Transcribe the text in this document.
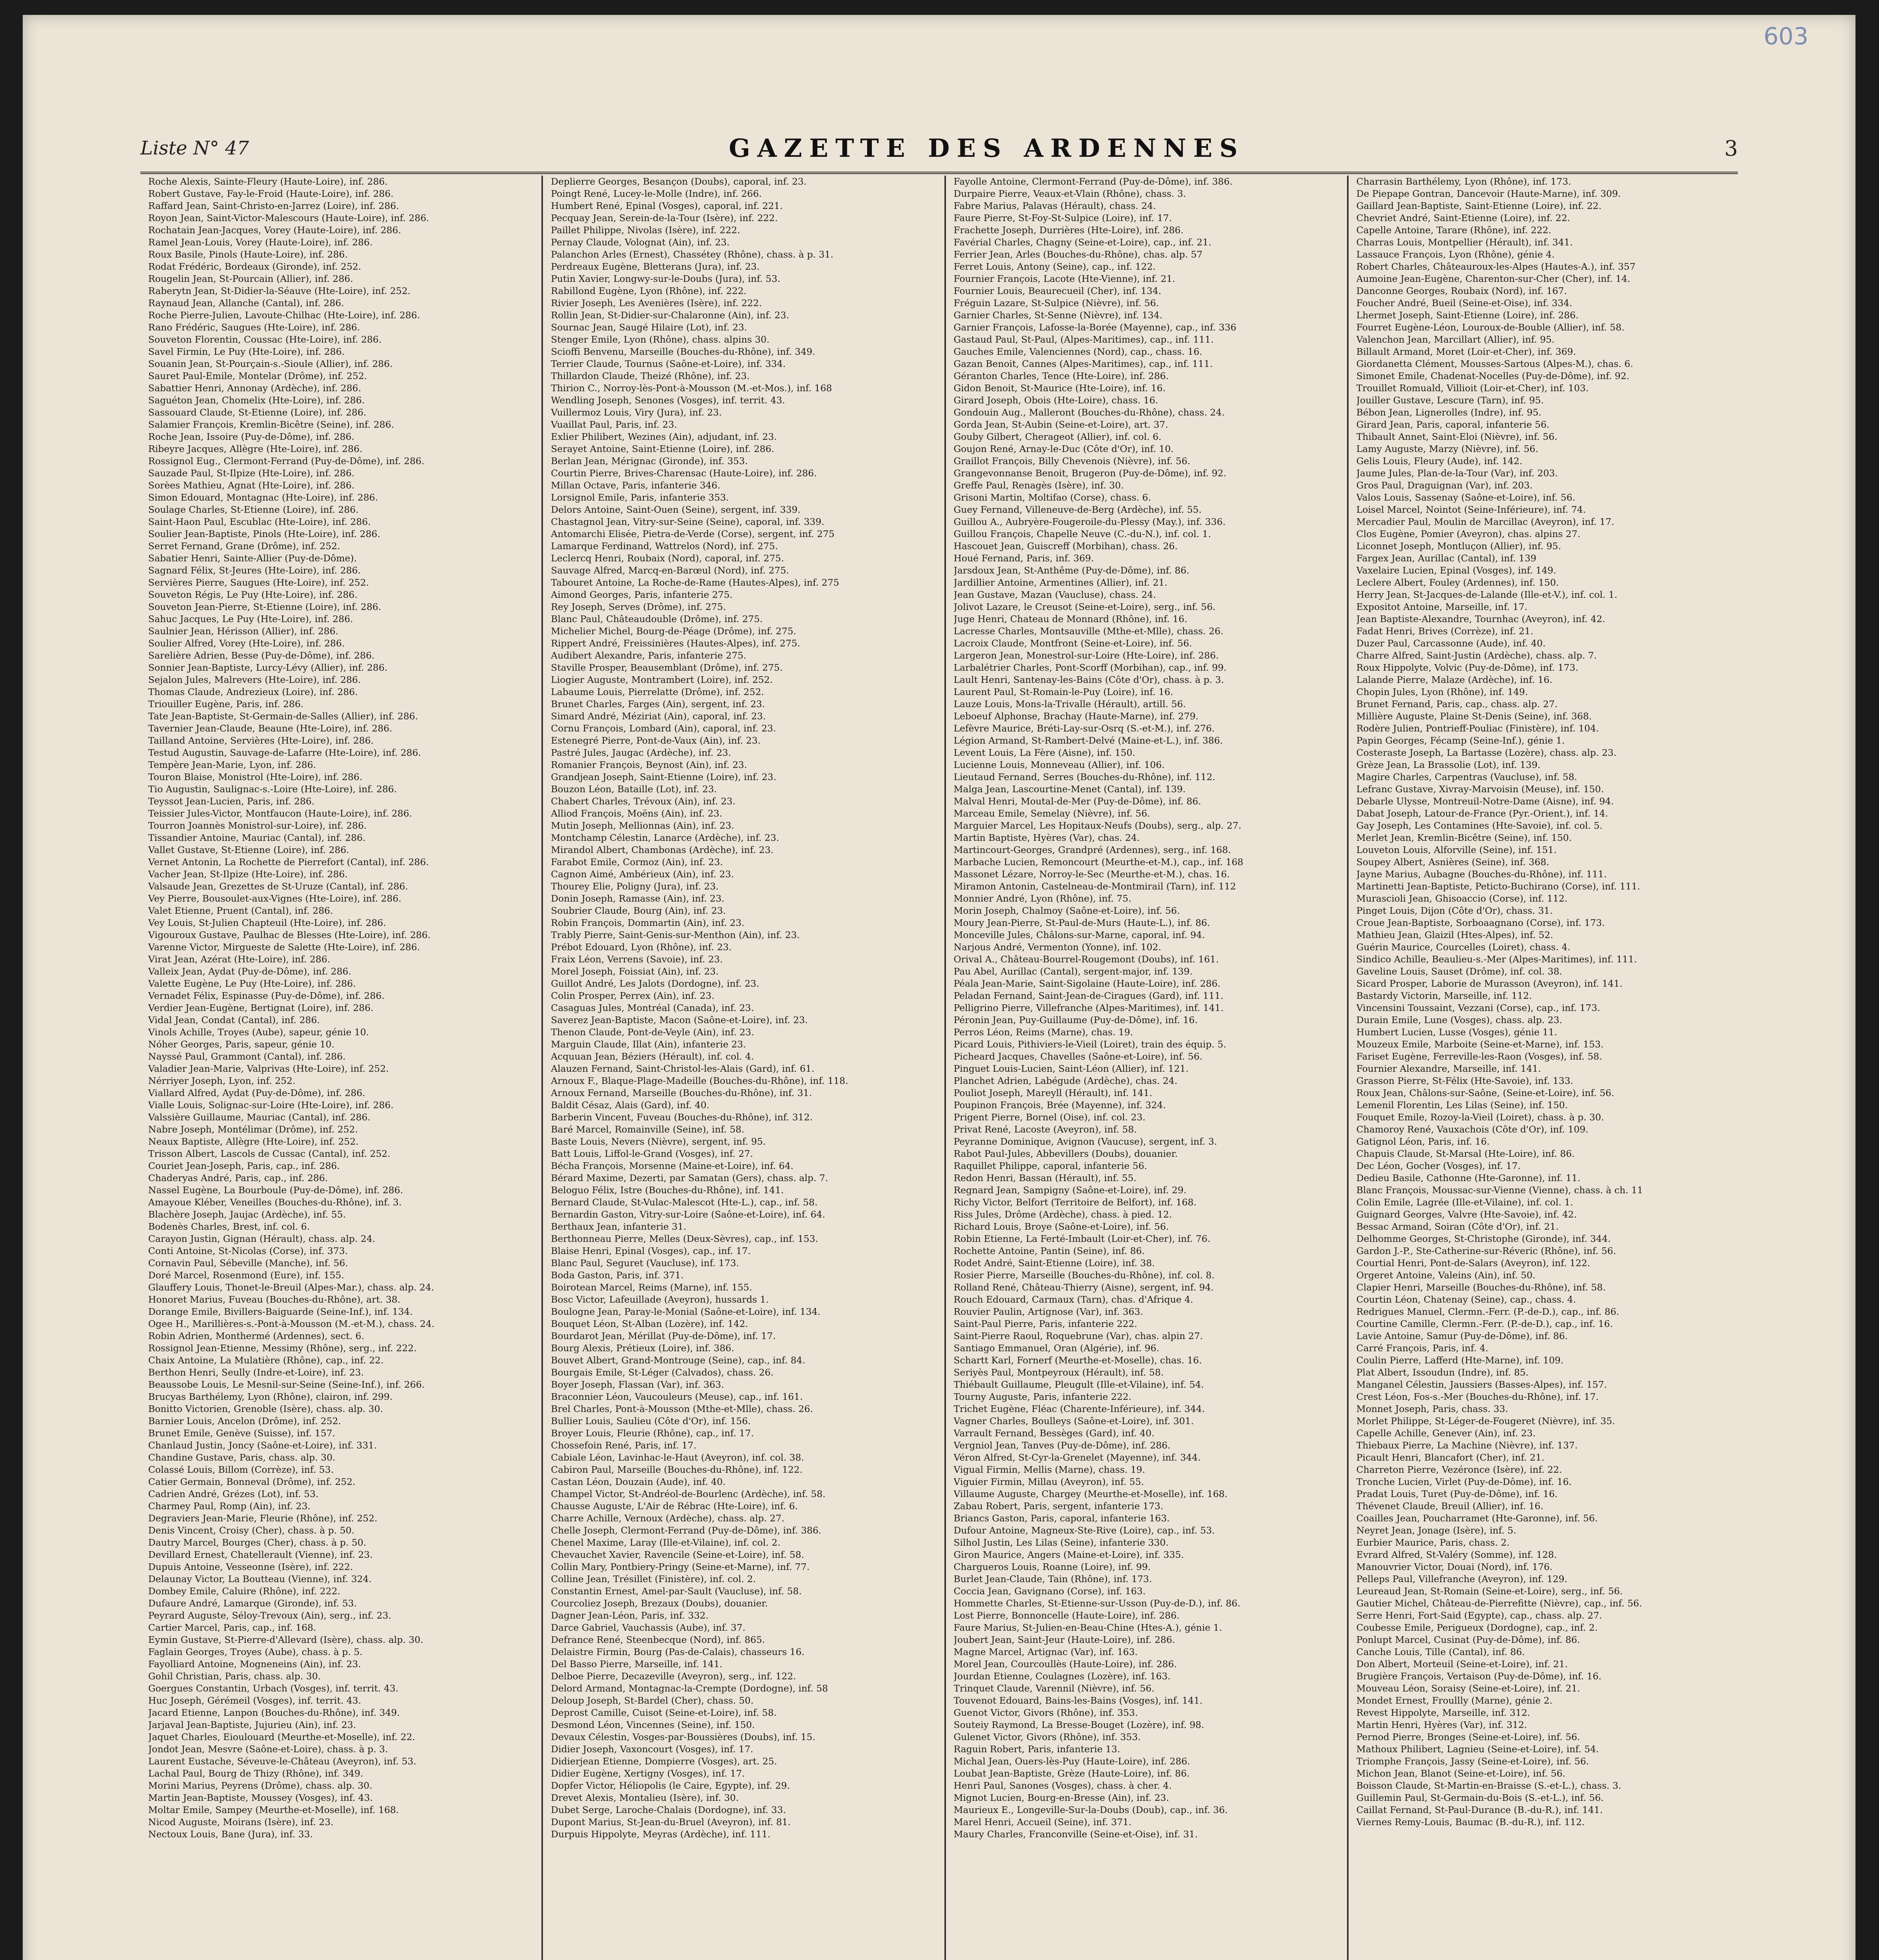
603
Liste N° 47	GAZETTE DES ARDENNES	3
Roche Alexis, Sainte-Fleury (Haute-Loire), inf. 286.
Robert Gustave, Fay-le-Froid (Haute-Loire), inf. 286.
Raffard Jean, Saint-Christo-en-Jarrez (Loire), inf. 286.
Royon Jean, Saint-Victor-Malescours (Haute-Loire), inf. 286.
Rochatain Jean-Jacques, Vorey (Haute-Loire), inf. 286.
Ramel Jean-Louis, Vorey (Haute-Loire), inf. 286.
Roux Basile, Pinols (Haute-Loire), inf. 286.
Rodat Frédéric, Bordeaux (Gironde), inf. 252.
Rougelin Jean, St-Pourcain (Allier), inf. 286.
Raberytn Jean, St-Didier-la-Séauve (Hte-Loire), inf. 252.
Raynaud Jean, Allanche (Cantal), inf. 286.
Roche Pierre-Julien, Lavoute-Chilhac (Hte-Loire), inf. 286.
Rano Frédéric, Saugues (Hte-Loire), inf. 286.
Souveton Florentin, Coussac (Hte-Loire), inf. 286.
Savel Firmin, Le Puy (Hte-Loire), inf. 286.
Souanin Jean, St-Pourçain-s.-Sioule (Allier), inf. 286.
Sauret Paul-Emile, Montelar (Drôme), inf. 252.
Sabattier Henri, Annonay (Ardèche), inf. 286.
Saguéton Jean, Chomelix (Hte-Loire), inf. 286.
Sassouard Claude, St-Etienne (Loire), inf. 286.
Salamier François, Kremlin-Bicêtre (Seine), inf. 286.
Roche Jean, Issoire (Puy-de-Dôme), inf. 286.
Ribeyre Jacques, Allègre (Hte-Loire), inf. 286.
Rossignol Eug., Clermont-Ferrand (Puy-de-Dôme), inf. 286.
Sauzade Paul, St-Ilpize (Hte-Loire), inf. 286.
Sorèes Mathieu, Agnat (Hte-Loire), inf. 286.
Simon Edouard, Montagnac (Hte-Loire), inf. 286.
Soulage Charles, St-Etienne (Loire), inf. 286.
Saint-Haon Paul, Escublac (Hte-Loire), inf. 286.
Soulier Jean-Baptiste, Pinols (Hte-Loire), inf. 286.
Serret Fernand, Grane (Drôme), inf. 252.
Sabatier Henri, Sainte-Allier (Puy-de-Dôme).
Sagnard Félix, St-Jeures (Hte-Loire), inf. 286.
Servières Pierre, Saugues (Hte-Loire), inf. 252.
Souveton Régis, Le Puy (Hte-Loire), inf. 286.
Souveton Jean-Pierre, St-Etienne (Loire), inf. 286.
Sahuc Jacques, Le Puy (Hte-Loire), inf. 286.
Saulnier Jean, Hérisson (Allier), inf. 286.
Soulier Alfred, Vorey (Hte-Loire), inf. 286.
Sarelière Adrien, Besse (Puy-de-Dôme), inf. 286.
Sonnier Jean-Baptiste, Lurcy-Lévy (Allier), inf. 286.
Sejalon Jules, Malrevers (Hte-Loire), inf. 286.
Thomas Claude, Andrezieux (Loire), inf. 286.
Triouiller Eugène, Paris, inf. 286.
Tate Jean-Baptiste, St-Germain-de-Salles (Allier), inf. 286.
Tavernier Jean-Claude, Beaune (Hte-Loire), inf. 286.
Tailland Antoine, Servières (Hte-Loire), inf. 286.
Testud Augustin, Sauvage-de-Lafarre (Hte-Loire), inf. 286.
Tempère Jean-Marie, Lyon, inf. 286.
Touron Blaise, Monistrol (Hte-Loire), inf. 286.
Tio Augustin, Saulignac-s.-Loire (Hte-Loire), inf. 286.
Teyssot Jean-Lucien, Paris, inf. 286.
Teissier Jules-Victor, Montfaucon (Haute-Loire), inf. 286.
Tourron Joannès Monistrol-sur-Loire), inf. 286.
Tissandier Antoine, Mauriac (Cantal), inf. 286.
Vallet Gustave, St-Etienne (Loire), inf. 286.
Vernet Antonin, La Rochette de Pierrefort (Cantal), inf. 286.
Vacher Jean, St-Ilpize (Hte-Loire), inf. 286.
Valsaude Jean, Grezettes de St-Uruze (Cantal), inf. 286.
Vey Pierre, Bousoulet-aux-Vignes (Hte-Loire), inf. 286.
Valet Etienne, Pruent (Cantal), inf. 286.
Vey Louis, St-Julien Chapteuil (Hte-Loire), inf. 286.
Vigouroux Gustave, Paulhac de Blesses (Hte-Loire), inf. 286.
Varenne Victor, Mirgueste de Salette (Hte-Loire), inf. 286.
Virat Jean, Azérat (Hte-Loire), inf. 286.
Valleix Jean, Aydat (Puy-de-Dôme), inf. 286.
Valette Eugène, Le Puy (Hte-Loire), inf. 286.
Vernadet Félix, Espinasse (Puy-de-Dôme), inf. 286.
Verdier Jean-Eugène, Bertignat (Loire), inf. 286.
Vidal Jean, Condat (Cantal), inf. 286.
Vinols Achille, Troyes (Aube), sapeur, génie 10.
Nóher Georges, Paris, sapeur, génie 10.
Nayssé Paul, Grammont (Cantal), inf. 286.
Valadier Jean-Marie, Valprivas (Hte-Loire), inf. 252.
Nérriyer Joseph, Lyon, inf. 252.
Viallard Alfred, Aydat (Puy-de-Dôme), inf. 286.
Vialle Louis, Solignac-sur-Loire (Hte-Loire), inf. 286.
Valssière Guillaume, Mauriac (Cantal), inf. 286.
Nabre Joseph, Montélimar (Drôme), inf. 252.
Neaux Baptiste, Allègre (Hte-Loire), inf. 252.
Trisson Albert, Lascols de Cussac (Cantal), inf. 252.
Couriet Jean-Joseph, Paris, cap., inf. 286.
Chaderyas André, Paris, cap., inf. 286.
Nassel Eugène, La Bourboule (Puy-de-Dôme), inf. 286.
Amayoue Kléber, Veneilles (Bouches-du-Rhône), inf. 3.
Blachère Joseph, Jaujac (Ardèche), inf. 55.
Bodenès Charles, Brest, inf. col. 6.
Carayon Justin, Gignan (Hérault), chass. alp. 24.
Conti Antoine, St-Nicolas (Corse), inf. 373.
Cornavin Paul, Sébeville (Manche), inf. 56.
Doré Marcel, Rosenmond (Eure), inf. 155.
Glauffery Louis, Thonet-le-Breuil (Alpes-Mar.), chass. alp. 24.
Honoret Marius, Fuveau (Bouches-du-Rhône), art. 38.
Dorange Emile, Bivillers-Baiguarde (Seine-Inf.), inf. 134.
Ogee H., Marillières-s.-Pont-à-Mousson (M.-et-M.), chass. 24.
Robin Adrien, Monthermé (Ardennes), sect. 6.
Rossignol Jean-Etienne, Messimy (Rhône), serg., inf. 222.
Chaix Antoine, La Mulatière (Rhône), cap., inf. 22.
Berthon Henri, Seully (Indre-et-Loire), inf. 23.
Beaussobe Louis, Le Mesnil-sur-Seine (Seine-Inf.), inf. 266.
Brucyas Barthélemy, Lyon (Rhône), clairon, inf. 299.
Bonitto Victorien, Grenoble (Isère), chass. alp. 30.
Barnier Louis, Ancelon (Drôme), inf. 252.
Brunet Emile, Genève (Suisse), inf. 157.
Chanlaud Justin, Joncy (Saône-et-Loire), inf. 331.
Chandine Gustave, Paris, chass. alp. 30.
Colassé Louis, Billom (Corrèze), inf. 53.
Catier Germain, Bonneval (Drôme), inf. 252.
Cadrien André, Grézes (Lot), inf. 53.
Charmey Paul, Romp (Ain), inf. 23.
Degraviers Jean-Marie, Fleurie (Rhône), inf. 252.
Denis Vincent, Croisy (Cher), chass. à p. 50.
Dautry Marcel, Bourges (Cher), chass. à p. 50.
Devillard Ernest, Chatellerault (Vienne), inf. 23.
Dupuis Antoine, Vesseonne (Isère), inf. 222.
Delaunay Victor, La Boutteau (Vienne), inf. 324.
Dombey Emile, Caluire (Rhône), inf. 222.
Dufaure André, Lamarque (Gironde), inf. 53.
Peyrard Auguste, Séloy-Trevoux (Ain), serg., inf. 23.
Cartier Marcel, Paris, cap., inf. 168.
Eymin Gustave, St-Pierre-d'Allevard (Isère), chass. alp. 30.
Faglain Georges, Troyes (Aube), chass. à p. 5.
Fayolliard Antoine, Mogneneins (Ain), inf. 23.
Gohil Christian, Paris, chass. alp. 30.
Goergues Constantin, Urbach (Vosges), inf. territ. 43.
Huc Joseph, Gérémeil (Vosges), inf. territ. 43.
Jacard Etienne, Lanpon (Bouches-du-Rhône), inf. 349.
Jarjaval Jean-Baptiste, Jujurieu (Ain), inf. 23.
Jaquet Charles, Eioulouard (Meurthe-et-Moselle), inf. 22.
Jondot Jean, Mesvre (Saône-et-Loire), chass. à p. 3.
Laurent Eustache, Séveuve-le-Château (Aveyron), inf. 53.
Lachal Paul, Bourg de Thizy (Rhône), inf. 349.
Morini Marius, Peyrens (Drôme), chass. alp. 30.
Martin Jean-Baptiste, Moussey (Vosges), inf. 43.
Moltar Emile, Sampey (Meurthe-et-Moselle), inf. 168.
Nicod Auguste, Moirans (Isère), inf. 23.
Nectoux Louis, Bane (Jura), inf. 33.
Deplierre Georges, Besançon (Doubs), caporal, inf. 23.
Poingt René, Lucey-le-Molle (Indre), inf. 266.
Humbert René, Epinal (Vosges), caporal, inf. 221.
Pecquay Jean, Serein-de-la-Tour (Isère), inf. 222.
Paillet Philippe, Nivolas (Isère), inf. 222.
Pernay Claude, Volognat (Ain), inf. 23.
Palanchon Arles (Ernest), Chassétey (Rhône), chass. à p. 31.
Perdreaux Eugène, Bletterans (Jura), inf. 23.
Putin Xavier, Longwy-sur-le-Doubs (Jura), inf. 53.
Rabillond Eugène, Lyon (Rhône), inf. 222.
Rivier Joseph, Les Avenières (Isère), inf. 222.
Rollin Jean, St-Didier-sur-Chalaronne (Ain), inf. 23.
Sournac Jean, Saugé Hilaire (Lot), inf. 23.
Stenger Emile, Lyon (Rhône), chass. alpins 30.
Scioffi Benvenu, Marseille (Bouches-du-Rhône), inf. 349.
Terrier Claude, Tournus (Saône-et-Loire), inf. 334.
Thillardon Claude, Theizé (Rhône), inf. 23.
Thirion C., Norroy-lès-Pont-à-Mousson (M.-et-Mos.), inf. 168
Wendling Joseph, Senones (Vosges), inf. territ. 43.
Vuillermoz Louis, Viry (Jura), inf. 23.
Vuaillat Paul, Paris, inf. 23.
Exlier Philibert, Wezines (Ain), adjudant, inf. 23.
Serayet Antoine, Saint-Etienne (Loire), inf. 286.
Berlan Jean, Mérignac (Gironde), inf. 353.
Courtin Pierre, Brives-Charensac (Haute-Loire), inf. 286.
Millan Octave, Paris, infanterie 346.
Lorsignol Emile, Paris, infanterie 353.
Delors Antoine, Saint-Ouen (Seine), sergent, inf. 339.
Chastagnol Jean, Vitry-sur-Seine (Seine), caporal, inf. 339.
Antomarchi Elisée, Pietra-de-Verde (Corse), sergent, inf. 275
Lamarque Ferdinand, Wattrelos (Nord), inf. 275.
Leclercq Henri, Roubaix (Nord), caporal, inf. 275.
Sauvage Alfred, Marcq-en-Barœul (Nord), inf. 275.
Tabouret Antoine, La Roche-de-Rame (Hautes-Alpes), inf. 275
Aimond Georges, Paris, infanterie 275.
Rey Joseph, Serves (Drôme), inf. 275.
Blanc Paul, Châteaudouble (Drôme), inf. 275.
Michelier Michel, Bourg-de-Péage (Drôme), inf. 275.
Rippert André, Freissinières (Hautes-Alpes), inf. 275.
Audibert Alexandre, Paris, infanterie 275.
Staville Prosper, Beausemblant (Drôme), inf. 275.
Liogier Auguste, Montrambert (Loire), inf. 252.
Labaume Louis, Pierrelatte (Drôme), inf. 252.
Brunet Charles, Farges (Ain), sergent, inf. 23.
Simard André, Méziriat (Ain), caporal, inf. 23.
Cornu François, Lombard (Ain), caporal, inf. 23.
Estenegré Pierre, Pont-de-Vaux (Ain), inf. 23.
Pastré Jules, Jaugac (Ardèche), inf. 23.
Romanier François, Beynost (Ain), inf. 23.
Grandjean Joseph, Saint-Etienne (Loire), inf. 23.
Bouzon Léon, Bataille (Lot), inf. 23.
Chabert Charles, Trévoux (Ain), inf. 23.
Alliod François, Moëns (Ain), inf. 23.
Mutin Joseph, Mellionnas (Ain), inf. 23.
Montchamp Célestin, Lanarce (Ardèche), inf. 23.
Mirandol Albert, Chambonas (Ardèche), inf. 23.
Farabot Emile, Cormoz (Ain), inf. 23.
Cagnon Aimé, Ambérieux (Ain), inf. 23.
Thourey Elie, Poligny (Jura), inf. 23.
Donin Joseph, Ramasse (Ain), inf. 23.
Soubrier Claude, Bourg (Ain), inf. 23.
Robin François, Dommartin (Ain), inf. 23.
Trably Pierre, Saint-Genis-sur-Menthon (Ain), inf. 23.
Prébot Edouard, Lyon (Rhône), inf. 23.
Fraix Léon, Verrens (Savoie), inf. 23.
Morel Joseph, Foissiat (Ain), inf. 23.
Guillot André, Les Jalots (Dordogne), inf. 23.
Colin Prosper, Perrex (Ain), inf. 23.
Casaguas Jules, Montréal (Canada), inf. 23.
Saverez Jean-Baptiste, Macon (Saône-et-Loire), inf. 23.
Thenon Claude, Pont-de-Veyle (Ain), inf. 23.
Marguin Claude, Illat (Ain), infanterie 23.
Acquuan Jean, Béziers (Hérault), inf. col. 4.
Alauzen Fernand, Saint-Christol-les-Alais (Gard), inf. 61.
Arnoux F., Blaque-Plage-Madeille (Bouches-du-Rhône), inf. 118.
Arnoux Fernand, Marseille (Bouches-du-Rhône), inf. 31.
Baldit Césaz, Alais (Gard), inf. 40.
Barberin Vincent, Fuveau (Bouches-du-Rhône), inf. 312.
Baré Marcel, Romainville (Seine), inf. 58.
Baste Louis, Nevers (Nièvre), sergent, inf. 95.
Batt Louis, Liffol-le-Grand (Vosges), inf. 27.
Bécha François, Morsenne (Maine-et-Loire), inf. 64.
Bérard Maxime, Dezerti, par Samatan (Gers), chass. alp. 7.
Beloguo Félix, Istre (Bouches-du-Rhône), inf. 141.
Bernard Claude, St-Vulac-Malescot (Hte-L.), cap., inf. 58.
Bernardin Gaston, Vitry-sur-Loire (Saône-et-Loire), inf. 64.
Berthaux Jean, infanterie 31.
Berthonneau Pierre, Melles (Deux-Sèvres), cap., inf. 153.
Blaise Henri, Epinal (Vosges), cap., inf. 17.
Blanc Paul, Seguret (Vaucluse), inf. 173.
Boda Gaston, Paris, inf. 371.
Boirotean Marcel, Reims (Marne), inf. 155.
Bosc Victor, Lafeuillade (Aveyron), hussards 1.
Boulogne Jean, Paray-le-Monial (Saône-et-Loire), inf. 134.
Bouquet Léon, St-Alban (Lozère), inf. 142.
Bourdarot Jean, Mérillat (Puy-de-Dôme), inf. 17.
Bourg Alexis, Prétieux (Loire), inf. 386.
Bouvet Albert, Grand-Montrouge (Seine), cap., inf. 84.
Bourgais Emile, St-Léger (Calvados), chass. 26.
Boyer Joseph, Flassan (Var), inf. 363.
Braconnier Léon, Vaucouleurs (Meuse), cap., inf. 161.
Brel Charles, Pont-à-Mousson (Mthe-et-Mlle), chass. 26.
Bullier Louis, Saulieu (Côte d'Or), inf. 156.
Broyer Louis, Fleurie (Rhône), cap., inf. 17.
Chossefoin René, Paris, inf. 17.
Cabiale Léon, Lavinhac-le-Haut (Aveyron), inf. col. 38.
Cabiron Paul, Marseille (Bouches-du-Rhône), inf. 122.
Castan Léon, Douzain (Aude), inf. 40.
Champel Victor, St-Andréol-de-Bourlenc (Ardèche), inf. 58.
Chausse Auguste, L'Air de Rébrac (Hte-Loire), inf. 6.
Charre Achille, Vernoux (Ardèche), chass. alp. 27.
Chelle Joseph, Clermont-Ferrand (Puy-de-Dôme), inf. 386.
Chenel Maxime, Laray (Ille-et-Vilaine), inf. col. 2.
Chevauchet Xavier, Ravencile (Seine-et-Loire), inf. 58.
Collin Mary, Pontbiery-Pringy (Seine-et-Marne), inf. 77.
Colline Jean, Trésillet (Finistère), inf. col. 2.
Constantin Ernest, Amel-par-Sault (Vaucluse), inf. 58.
Courcoliez Joseph, Brezaux (Doubs), douanier.
Dagner Jean-Léon, Paris, inf. 332.
Darce Gabriel, Vauchassis (Aube), inf. 37.
Defrance René, Steenbecque (Nord), inf. 865.
Delaistre Firmin, Bourg (Pas-de-Calais), chasseurs 16.
Del Basso Pierre, Marseille, inf. 141.
Delboe Pierre, Decazeville (Aveyron), serg., inf. 122.
Delord Armand, Montagnac-la-Crempte (Dordogne), inf. 58
Deloup Joseph, St-Bardel (Cher), chass. 50.
Deprost Camille, Cuisot (Seine-et-Loire), inf. 58.
Desmond Léon, Vincennes (Seine), inf. 150.
Devaux Célestin, Vosges-par-Boussières (Doubs), inf. 15.
Didier Joseph, Vaxoncourt (Vosges), inf. 17.
Didierjean Etienne, Dompierre (Vosges), art. 25.
Didier Eugène, Xertigny (Vosges), inf. 17.
Dopfer Victor, Héliopolis (le Caire, Egypte), inf. 29.
Drevet Alexis, Montalieu (Isère), inf. 30.
Dubet Serge, Laroche-Chalais (Dordogne), inf. 33.
Dupont Marius, St-Jean-du-Bruel (Aveyron), inf. 81.
Durpuis Hippolyte, Meyras (Ardèche), inf. 111.
Fayolle Antoine, Clermont-Ferrand (Puy-de-Dôme), inf. 386.
Durpaire Pierre, Veaux-et-Vlain (Rhône), chass. 3.
Fabre Marius, Palavas (Hérault), chass. 24.
Faure Pierre, St-Foy-St-Sulpice (Loire), inf. 17.
Frachette Joseph, Durrières (Hte-Loire), inf. 286.
Favérial Charles, Chagny (Seine-et-Loire), cap., inf. 21.
Ferrier Jean, Arles (Bouches-du-Rhône), chas. alp. 57
Ferret Louis, Antony (Seine), cap., inf. 122.
Fournier François, Lacote (Hte-Vienne), inf. 21.
Fournier Louis, Beaurecueil (Cher), inf. 134.
Fréguin Lazare, St-Sulpice (Nièvre), inf. 56.
Garnier Charles, St-Senne (Nièvre), inf. 134.
Garnier François, Lafosse-la-Borée (Mayenne), cap., inf. 336
Gastaud Paul, St-Paul, (Alpes-Maritimes), cap., inf. 111.
Gauches Emile, Valenciennes (Nord), cap., chass. 16.
Gazan Benoit, Cannes (Alpes-Maritimes), cap., inf. 111.
Géranton Charles, Tence (Hte-Loire), inf. 286.
Gidon Benoit, St-Maurice (Hte-Loire), inf. 16.
Girard Joseph, Obois (Hte-Loire), chass. 16.
Gondouin Aug., Malleront (Bouches-du-Rhône), chass. 24.
Gorda Jean, St-Aubin (Seine-et-Loire), art. 37.
Gouby Gilbert, Cherageot (Allier), inf. col. 6.
Goujon René, Arnay-le-Duc (Côte d'Or), inf. 10.
Graillot François, Billy Chevenois (Nièvre), inf. 56.
Grangevonnanse Benoit, Brugeron (Puy-de-Dôme), inf. 92.
Greffe Paul, Renagès (Isère), inf. 30.
Grisoni Martin, Moltifao (Corse), chass. 6.
Guey Fernand, Villeneuve-de-Berg (Ardèche), inf. 55.
Guillou A., Aubryère-Fougeroile-du-Plessy (May.), inf. 336.
Guillou François, Chapelle Neuve (C.-du-N.), inf. col. 1.
Hascouet Jean, Guiscreff (Morbihan), chass. 26.
Houé Fernand, Paris, inf. 369.
Jarsdoux Jean, St-Anthême (Puy-de-Dôme), inf. 86.
Jardillier Antoine, Armentines (Allier), inf. 21.
Jean Gustave, Mazan (Vaucluse), chass. 24.
Jolivot Lazare, le Creusot (Seine-et-Loire), serg., inf. 56.
Juge Henri, Chateau de Monnard (Rhône), inf. 16.
Lacresse Charles, Montsauville (Mthe-et-Mlle), chass. 26.
Lacroix Claude, Montfront (Seine-et-Loire), inf. 56.
Largeron Jean, Monestrol-sur-Loire (Hte-Loire), inf. 286.
Larbalétrier Charles, Pont-Scorff (Morbihan), cap., inf. 99.
Lault Henri, Santenay-les-Bains (Côte d'Or), chass. à p. 3.
Laurent Paul, St-Romain-le-Puy (Loire), inf. 16.
Lauze Louis, Mons-la-Trivalle (Hérault), artill. 56.
Leboeuf Alphonse, Brachay (Haute-Marne), inf. 279.
Lefèvre Maurice, Bréti-Lay-sur-Osrq (S.-et-M.), inf. 276.
Légion Armand, St-Rambert-Delvé (Maine-et-L.), inf. 386.
Levent Louis, La Fère (Aisne), inf. 150.
Lucienne Louis, Monneveau (Allier), inf. 106.
Lieutaud Fernand, Serres (Bouches-du-Rhône), inf. 112.
Malga Jean, Lascourtine-Menet (Cantal), inf. 139.
Malval Henri, Moutal-de-Mer (Puy-de-Dôme), inf. 86.
Marceau Emile, Semelay (Nièvre), inf. 56.
Marguier Marcel, Les Hopitaux-Neufs (Doubs), serg., alp. 27.
Martin Baptiste, Hyères (Var), chas. 24.
Martincourt-Georges, Grandpré (Ardennes), serg., inf. 168.
Marbache Lucien, Remoncourt (Meurthe-et-M.), cap., inf. 168
Massonet Lézare, Norroy-le-Sec (Meurthe-et-M.), chas. 16.
Miramon Antonin, Castelneau-de-Montmirail (Tarn), inf. 112
Monnier André, Lyon (Rhône), inf. 75.
Morin Joseph, Chalmoy (Saône-et-Loire), inf. 56.
Moury Jean-Pierre, St-Paul-de-Murs (Haute-L.), inf. 86.
Monceville Jules, Châlons-sur-Marne, caporal, inf. 94.
Narjous André, Vermenton (Yonne), inf. 102.
Orival A., Château-Bourrel-Rougemont (Doubs), inf. 161.
Pau Abel, Aurillac (Cantal), sergent-major, inf. 139.
Péala Jean-Marie, Saint-Sigolaine (Haute-Loire), inf. 286.
Peladan Fernand, Saint-Jean-de-Ciragues (Gard), inf. 111.
Pelligrino Pierre, Villefranche (Alpes-Maritimes), inf. 141.
Péronin Jean, Puy-Guillaume (Puy-de-Dôme), inf. 16.
Perros Léon, Reims (Marne), chas. 19.
Picard Louis, Pithiviers-le-Vieil (Loiret), train des équip. 5.
Picheard Jacques, Chavelles (Saône-et-Loire), inf. 56.
Pinguet Louis-Lucien, Saint-Léon (Allier), inf. 121.
Planchet Adrien, Labégude (Ardèche), chas. 24.
Pouliot Joseph, Mareyll (Hérault), inf. 141.
Poupinon François, Brée (Mayenne), inf. 324.
Prigent Pierre, Bornel (Oise), inf. col. 23.
Privat René, Lacoste (Aveyron), inf. 58.
Peyranne Dominique, Avignon (Vaucuse), sergent, inf. 3.
Rabot Paul-Jules, Abbevillers (Doubs), douanier.
Raquillet Philippe, caporal, infanterie 56.
Redon Henri, Bassan (Hérault), inf. 55.
Regnard Jean, Sampigny (Saône-et-Loire), inf. 29.
Richy Victor, Belfort (Territoire de Belfort), inf. 168.
Riss Jules, Drôme (Ardèche), chass. à pied. 12.
Richard Louis, Broye (Saône-et-Loire), inf. 56.
Robin Etienne, La Ferté-Imbault (Loir-et-Cher), inf. 76.
Rochette Antoine, Pantin (Seine), inf. 86.
Rodet André, Saint-Etienne (Loire), inf. 38.
Rosier Pierre, Marseille (Bouches-du-Rhône), inf. col. 8.
Rolland René, Château-Thierry (Aisne), sergent, inf. 94.
Rouch Edouard, Carmaux (Tarn), chas. d'Afrique 4.
Rouvier Paulin, Artignose (Var), inf. 363.
Saint-Paul Pierre, Paris, infanterie 222.
Saint-Pierre Raoul, Roquebrune (Var), chas. alpin 27.
Santiago Emmanuel, Oran (Algérie), inf. 96.
Schartt Karl, Fornerf (Meurthe-et-Moselle), chas. 16.
Seriyès Paul, Montpeyroux (Hérault), inf. 58.
Thiébault Guillaume, Pleugult (Ille-et-Vilaine), inf. 54.
Tourny Auguste, Paris, infanterie 222.
Trichet Eugène, Fléac (Charente-Inférieure), inf. 344.
Vagner Charles, Boulleys (Saône-et-Loire), inf. 301.
Varrault Fernand, Bessèges (Gard), inf. 40.
Vergniol Jean, Tanves (Puy-de-Dôme), inf. 286.
Véron Alfred, St-Cyr-la-Grenelet (Mayenne), inf. 344.
Vigual Firmin, Mellis (Marne), chass. 19.
Viguier Firmin, Millau (Aveyron), inf. 55.
Villaume Auguste, Chargey (Meurthe-et-Moselle), inf. 168.
Zabau Robert, Paris, sergent, infanterie 173.
Briancs Gaston, Paris, caporal, infanterie 163.
Dufour Antoine, Magneux-Ste-Rive (Loire), cap., inf. 53.
Silhol Justin, Les Lilas (Seine), infanterie 330.
Giron Maurice, Angers (Maine-et-Loire), inf. 335.
Chargueros Louis, Roanne (Loire), inf. 99.
Burlet Jean-Claude, Tain (Rhône), inf. 173.
Coccia Jean, Gavignano (Corse), inf. 163.
Hommette Charles, St-Etienne-sur-Usson (Puy-de-D.), inf. 86.
Lost Pierre, Bonnoncelle (Haute-Loire), inf. 286.
Faure Marius, St-Julien-en-Beau-Chine (Htes-A.), génie 1.
Joubert Jean, Saint-Jeur (Haute-Loire), inf. 286.
Magne Marcel, Artignac (Var), inf. 163.
Morel Jean, Courcoullès (Haute-Loire), inf. 286.
Jourdan Etienne, Coulagnes (Lozère), inf. 163.
Trinquet Claude, Varennil (Nièvre), inf. 56.
Touvenot Edouard, Bains-les-Bains (Vosges), inf. 141.
Guenot Victor, Givors (Rhône), inf. 353.
Souteiy Raymond, La Bresse-Bouget (Lozère), inf. 98.
Gulenet Victor, Givors (Rhône), inf. 353.
Raguin Robert, Paris, infanterie 13.
Michal Jean, Ouers-lès-Puy (Haute-Loire), inf. 286.
Loubat Jean-Baptiste, Grèze (Haute-Loire), inf. 86.
Henri Paul, Sanones (Vosges), chass. à cher. 4.
Mignot Lucien, Bourg-en-Bresse (Ain), inf. 23.
Maurieux E., Longeville-Sur-la-Doubs (Doub), cap., inf. 36.
Marel Henri, Accueil (Seine), inf. 371.
Maury Charles, Franconville (Seine-et-Oise), inf. 31.
Charrasin Barthélemy, Lyon (Rhône), inf. 173.
De Piepape Gontran, Dancevoir (Haute-Marne), inf. 309.
Gaillard Jean-Baptiste, Saint-Etienne (Loire), inf. 22.
Chevriet André, Saint-Etienne (Loire), inf. 22.
Capelle Antoine, Tarare (Rhône), inf. 222.
Charras Louis, Montpellier (Hérault), inf. 341.
Lassauce François, Lyon (Rhône), génie 4.
Robert Charles, Châteauroux-les-Alpes (Hautes-A.), inf. 357
Aumoine Jean-Eugène, Charenton-sur-Cher (Cher), inf. 14.
Danconne Georges, Roubaix (Nord), inf. 167.
Foucher André, Bueil (Seine-et-Oise), inf. 334.
Lhermet Joseph, Saint-Etienne (Loire), inf. 286.
Fourret Eugène-Léon, Louroux-de-Bouble (Allier), inf. 58.
Valenchon Jean, Marcillart (Allier), inf. 95.
Billault Armand, Moret (Loir-et-Cher), inf. 369.
Giordanetta Clément, Mousses-Sartous (Alpes-M.), chas. 6.
Simonet Emile, Chadenat-Nocelles (Puy-de-Dôme), inf. 92.
Trouillet Romuald, Villioit (Loir-et-Cher), inf. 103.
Jouiller Gustave, Lescure (Tarn), inf. 95.
Bébon Jean, Lignerolles (Indre), inf. 95.
Girard Jean, Paris, caporal, infanterie 56.
Thibault Annet, Saint-Eloi (Nièvre), inf. 56.
Lamy Auguste, Marzy (Nièvre), inf. 56.
Gelis Louis, Fleury (Aude), inf. 142.
Jaume Jules, Plan-de-la-Tour (Var), inf. 203.
Gros Paul, Draguignan (Var), inf. 203.
Valos Louis, Sassenay (Saône-et-Loire), inf. 56.
Loisel Marcel, Nointot (Seine-Inférieure), inf. 74.
Mercadier Paul, Moulin de Marcillac (Aveyron), inf. 17.
Clos Eugène, Pomier (Aveyron), chas. alpins 27.
Liconnet Joseph, Montluçon (Allier), inf. 95.
Fargex Jean, Aurillac (Cantal), inf. 139
Vaxelaire Lucien, Epinal (Vosges), inf. 149.
Leclere Albert, Fouley (Ardennes), inf. 150.
Herry Jean, St-Jacques-de-Lalande (Ille-et-V.), inf. col. 1.
Expositot Antoine, Marseille, inf. 17.
Jean Baptiste-Alexandre, Tournhac (Aveyron), inf. 42.
Fadat Henri, Brives (Corrèze), inf. 21.
Duzer Paul, Carcassonne (Aude), inf. 40.
Charre Alfred, Saint-Justin (Ardèche), chass. alp. 7.
Roux Hippolyte, Volvic (Puy-de-Dôme), inf. 173.
Lalande Pierre, Malaze (Ardèche), inf. 16.
Chopin Jules, Lyon (Rhône), inf. 149.
Brunet Fernand, Paris, cap., chass. alp. 27.
Millière Auguste, Plaine St-Denis (Seine), inf. 368.
Rodère Julien, Pontrieff-Pouliac (Finistère), inf. 104.
Papin Georges, Fécamp (Seine-Inf.), génie 1.
Costeraste Joseph, La Bartasse (Lozère), chass. alp. 23.
Grèze Jean, La Brassolie (Lot), inf. 139.
Magire Charles, Carpentras (Vaucluse), inf. 58.
Lefranc Gustave, Xivray-Marvoisin (Meuse), inf. 150.
Debarle Ulysse, Montreuil-Notre-Dame (Aisne), inf. 94.
Dabat Joseph, Latour-de-France (Pyr.-Orient.), inf. 14.
Gay Joseph, Les Contamines (Hte-Savoie), inf. col. 5.
Merlet Jean, Kremlin-Bicêtre (Seine), inf. 150.
Louveton Louis, Alforville (Seine), inf. 151.
Soupey Albert, Asnières (Seine), inf. 368.
Jayne Marius, Aubagne (Bouches-du-Rhône), inf. 111.
Martinetti Jean-Baptiste, Peticto-Buchirano (Corse), inf. 111.
Murascioli Jean, Ghisoaccio (Corse), inf. 112.
Pinget Louis, Dijon (Côte d'Or), chass. 31.
Croue Jean-Baptiste, Sorboaagnano (Corse), inf. 173.
Mathieu Jean, Glaizil (Htes-Alpes), inf. 52.
Guérin Maurice, Courcelles (Loiret), chass. 4.
Sindico Achille, Beaulieu-s.-Mer (Alpes-Maritimes), inf. 111.
Gaveline Louis, Sauset (Drôme), inf. col. 38.
Sicard Prosper, Laborie de Murasson (Aveyron), inf. 141.
Bastardy Victorin, Marseille, inf. 112.
Vincensini Toussaint, Vezzani (Corse), cap., inf. 173.
Durain Emile, Lune (Vosges), chass. alp. 23.
Humbert Lucien, Lusse (Vosges), génie 11.
Mouzeux Emile, Marboite (Seine-et-Marne), inf. 153.
Fariset Eugène, Ferreville-les-Raon (Vosges), inf. 58.
Fournier Alexandre, Marseille, inf. 141.
Grasson Pierre, St-Félix (Hte-Savoie), inf. 133.
Roux Jean, Châlons-sur-Saône, (Seine-et-Loire), inf. 56.
Lemenil Florentin, Les Lilas (Seine), inf. 150.
Fouquet Emile, Rozoy-la-Vieil (Loiret), chass. à p. 30.
Chamoroy René, Vauxachois (Côte d'Or), inf. 109.
Gatignol Léon, Paris, inf. 16.
Chapuis Claude, St-Marsal (Hte-Loire), inf. 86.
Dec Léon, Gocher (Vosges), inf. 17.
Dedieu Basile, Cathonne (Hte-Garonne), inf. 11.
Blanc François, Moussac-sur-Vienne (Vienne), chass. à ch. 11
Colin Emile, Lagrée (Ille-et-Vilaine), inf. col. 1.
Guignard Georges, Valvre (Hte-Savoie), inf. 42.
Bessac Armand, Soiran (Côte d'Or), inf. 21.
Delhomme Georges, St-Christophe (Gironde), inf. 344.
Gardon J.-P., Ste-Catherine-sur-Réveric (Rhône), inf. 56.
Courtial Henri, Pont-de-Salars (Aveyron), inf. 122.
Orgeret Antoine, Valeins (Ain), inf. 50.
Clapier Henri, Marseille (Bouches-du-Rhône), inf. 58.
Courtin Léon, Chatenay (Seine), cap., chass. 4.
Redrigues Manuel, Clermn.-Ferr. (P.-de-D.), cap., inf. 86.
Courtine Camille, Clermn.-Ferr. (P.-de-D.), cap., inf. 16.
Lavie Antoine, Samur (Puy-de-Dôme), inf. 86.
Carré François, Paris, inf. 4.
Coulin Pierre, Lafferd (Hte-Marne), inf. 109.
Plat Albert, Issoudun (Indre), inf. 85.
Manganel Célestin, Jaussiers (Basses-Alpes), inf. 157.
Crest Léon, Fos-s.-Mer (Bouches-du-Rhône), inf. 17.
Monnet Joseph, Paris, chass. 33.
Morlet Philippe, St-Léger-de-Fougeret (Nièvre), inf. 35.
Capelle Achille, Genever (Ain), inf. 23.
Thiebaux Pierre, La Machine (Nièvre), inf. 137.
Picault Henri, Blancafort (Cher), inf. 21.
Charreton Pierre, Vezéronce (Isère), inf. 22.
Tronche Lucien, Virlet (Puy-de-Dôme), inf. 16.
Pradat Louis, Turet (Puy-de-Dôme), inf. 16.
Thévenet Claude, Breuil (Allier), inf. 16.
Coailles Jean, Poucharramet (Hte-Garonne), inf. 56.
Neyret Jean, Jonage (Isère), inf. 5.
Eurbier Maurice, Paris, chass. 2.
Evrard Alfred, St-Valéry (Somme), inf. 128.
Manouvrier Victor, Douai (Nord), inf. 176.
Pelleps Paul, Villefranche (Aveyron), inf. 129.
Leureaud Jean, St-Romain (Seine-et-Loire), serg., inf. 56.
Gautier Michel, Château-de-Pierrefitte (Nièvre), cap., inf. 56.
Serre Henri, Fort-Said (Egypte), cap., chass. alp. 27.
Coubesse Emile, Perigueux (Dordogne), cap., inf. 2.
Ponlupt Marcel, Cusinat (Puy-de-Dôme), inf. 86.
Canche Louis, Tille (Cantal), inf. 86.
Don Albert, Morteuil (Seine-et-Loire), inf. 21.
Brugière François, Vertaison (Puy-de-Dôme), inf. 16.
Mouveau Léon, Soraisy (Seine-et-Loire), inf. 21.
Mondet Ernest, Froullly (Marne), génie 2.
Revest Hippolyte, Marseille, inf. 312.
Martin Henri, Hyères (Var), inf. 312.
Pernod Pierre, Bronges (Seine-et-Loire), inf. 56.
Mathoux Philibert, Lagnieu (Seine-et-Loire), inf. 54.
Triomphe François, Jassy (Seine-et-Loire), inf. 56.
Michon Jean, Blanot (Seine-et-Loire), inf. 56.
Boisson Claude, St-Martin-en-Braisse (S.-et-L.), chass. 3.
Guillemin Paul, St-Germain-du-Bois (S.-et-L.), inf. 56.
Caillat Fernand, St-Paul-Durance (B.-du-R.), inf. 141.
Viernes Remy-Louis, Baumac (B.-du-R.), inf. 112.
